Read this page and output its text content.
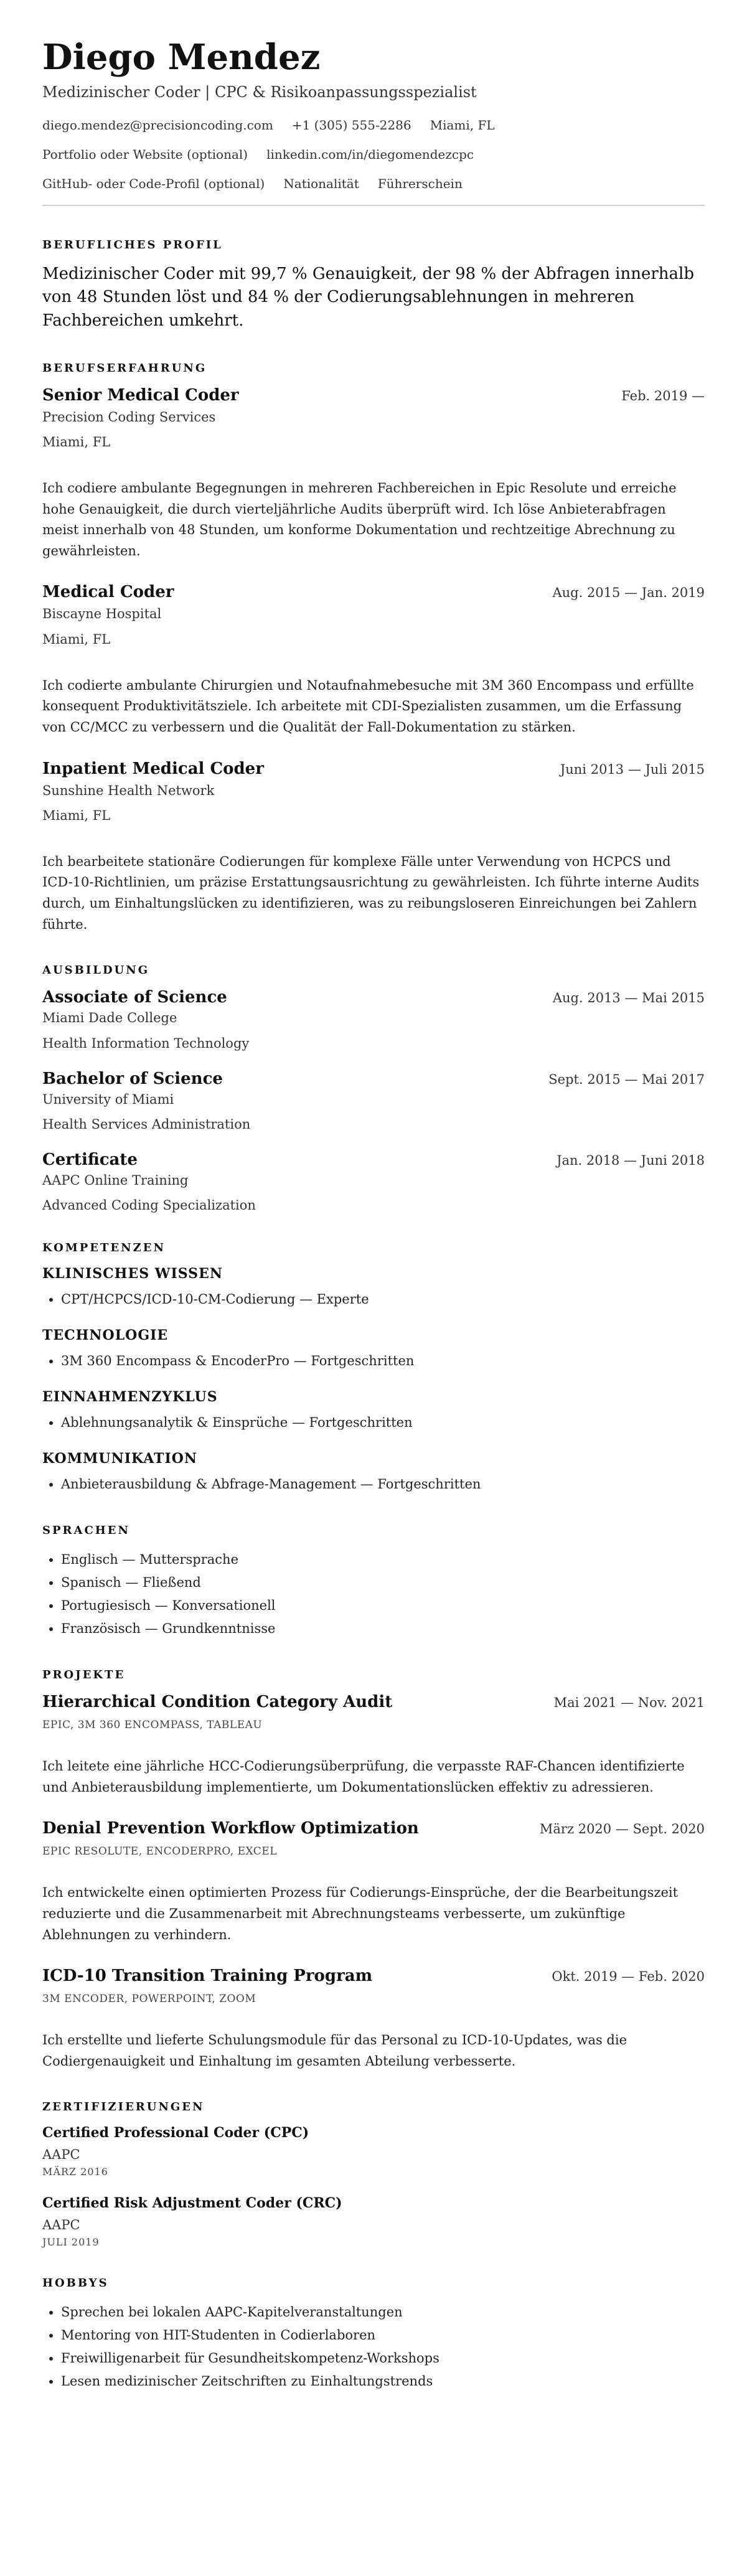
Diego Mendez
Medizinischer Coder | CPC & Risikoanpassungsspezialist
diego.mendez@precisioncoding.com +1 (305) 555-2286 Miami, FL
Portfolio oder Website (optional) linkedin.com/in/diegomendezcpc
GitHub- oder Code-Profil (optional) Nationalität Führerschein
BERUFLICHES PROFIL

Medizinischer Coder mit 99,7 % Genauigkeit, der 98 % der Abfragen innerhalb von 48 Stunden löst und 84 % der Codierungsablehnungen in mehreren Fachbereichen umkehrt.

BERUFSERFAHRUNG
Senior Medical Coder	Feb. 2019 —
Precision Coding Services
Miami, FL
Ich codiere ambulante Begegnungen in mehreren Fachbereichen in Epic Resolute und erreiche hohe Genauigkeit, die durch vierteljährliche Audits überprüft wird. Ich löse Anbieterabfragen meist innerhalb von 48 Stunden, um konforme Dokumentation und rechtzeitige Abrechnung zu gewährleisten.
Medical Coder	Aug. 2015 — Jan. 2019
Biscayne Hospital
Miami, FL
Ich codierte ambulante Chirurgien und Notaufnahmebesuche mit 3M 360 Encompass und erfüllte konsequent Produktivitätsziele. Ich arbeitete mit CDI-Spezialisten zusammen, um die Erfassung von CC/MCC zu verbessern und die Qualität der Fall-Dokumentation zu stärken.
Inpatient Medical Coder	Juni 2013 — Juli 2015
Sunshine Health Network
Miami, FL
Ich bearbeitete stationäre Codierungen für komplexe Fälle unter Verwendung von HCPCS und ICD-10-Richtlinien, um präzise Erstattungsausrichtung zu gewährleisten. Ich führte interne Audits durch, um Einhaltungslücken zu identifizieren, was zu reibungsloseren Einreichungen bei Zahlern führte.
AUSBILDUNG
Associate of Science	Aug. 2013 — Mai 2015
Miami Dade College
Health Information Technology
Bachelor of Science	Sept. 2015 — Mai 2017
University of Miami
Health Services Administration
Certificate	Jan. 2018 — Juni 2018
AAPC Online Training
Advanced Coding Specialization
KOMPETENZEN
KLINISCHES WISSEN
• CPT/HCPCS/ICD-10-CM-Codierung — Experte
TECHNOLOGIE
• 3M 360 Encompass & EncoderPro — Fortgeschritten
EINNAHMENZYKLUS
• Ablehnungsanalytik & Einsprüche — Fortgeschritten
KOMMUNIKATION
• Anbieterausbildung & Abfrage-Management — Fortgeschritten
SPRACHEN
• Englisch — Muttersprache
• Spanisch — Fließend
• Portugiesisch — Konversationell
• Französisch — Grundkenntnisse
PROJEKTE
Hierarchical Condition Category Audit	Mai 2021 — Nov. 2021
EPIC, 3M 360 ENCOMPASS, TABLEAU
Ich leitete eine jährliche HCC-Codierungsüberprüfung, die verpasste RAF-Chancen identifizierte und Anbieterausbildung implementierte, um Dokumentationslücken effektiv zu adressieren.
Denial Prevention Workflow Optimization	März 2020 — Sept. 2020
EPIC RESOLUTE, ENCODERPRO, EXCEL
Ich entwickelte einen optimierten Prozess für Codierungs-Einsprüche, der die Bearbeitungszeit reduzierte und die Zusammenarbeit mit Abrechnungsteams verbesserte, um zukünftige Ablehnungen zu verhindern.
ICD-10 Transition Training Program	Okt. 2019 — Feb. 2020
3M ENCODER, POWERPOINT, ZOOM
Ich erstellte und lieferte Schulungsmodule für das Personal zu ICD-10-Updates, was die Codiergenauigkeit und Einhaltung im gesamten Abteilung verbesserte.
ZERTIFIZIERUNGEN
Certified Professional Coder (CPC)
AAPC
MÄRZ 2016
Certified Risk Adjustment Coder (CRC)
AAPC
JULI 2019
HOBBYS
• Sprechen bei lokalen AAPC-Kapitelveranstaltungen
• Mentoring von HIT-Studenten in Codierlaboren
• Freiwilligenarbeit für Gesundheitskompetenz-Workshops
• Lesen medizinischer Zeitschriften zu Einhaltungstrends
